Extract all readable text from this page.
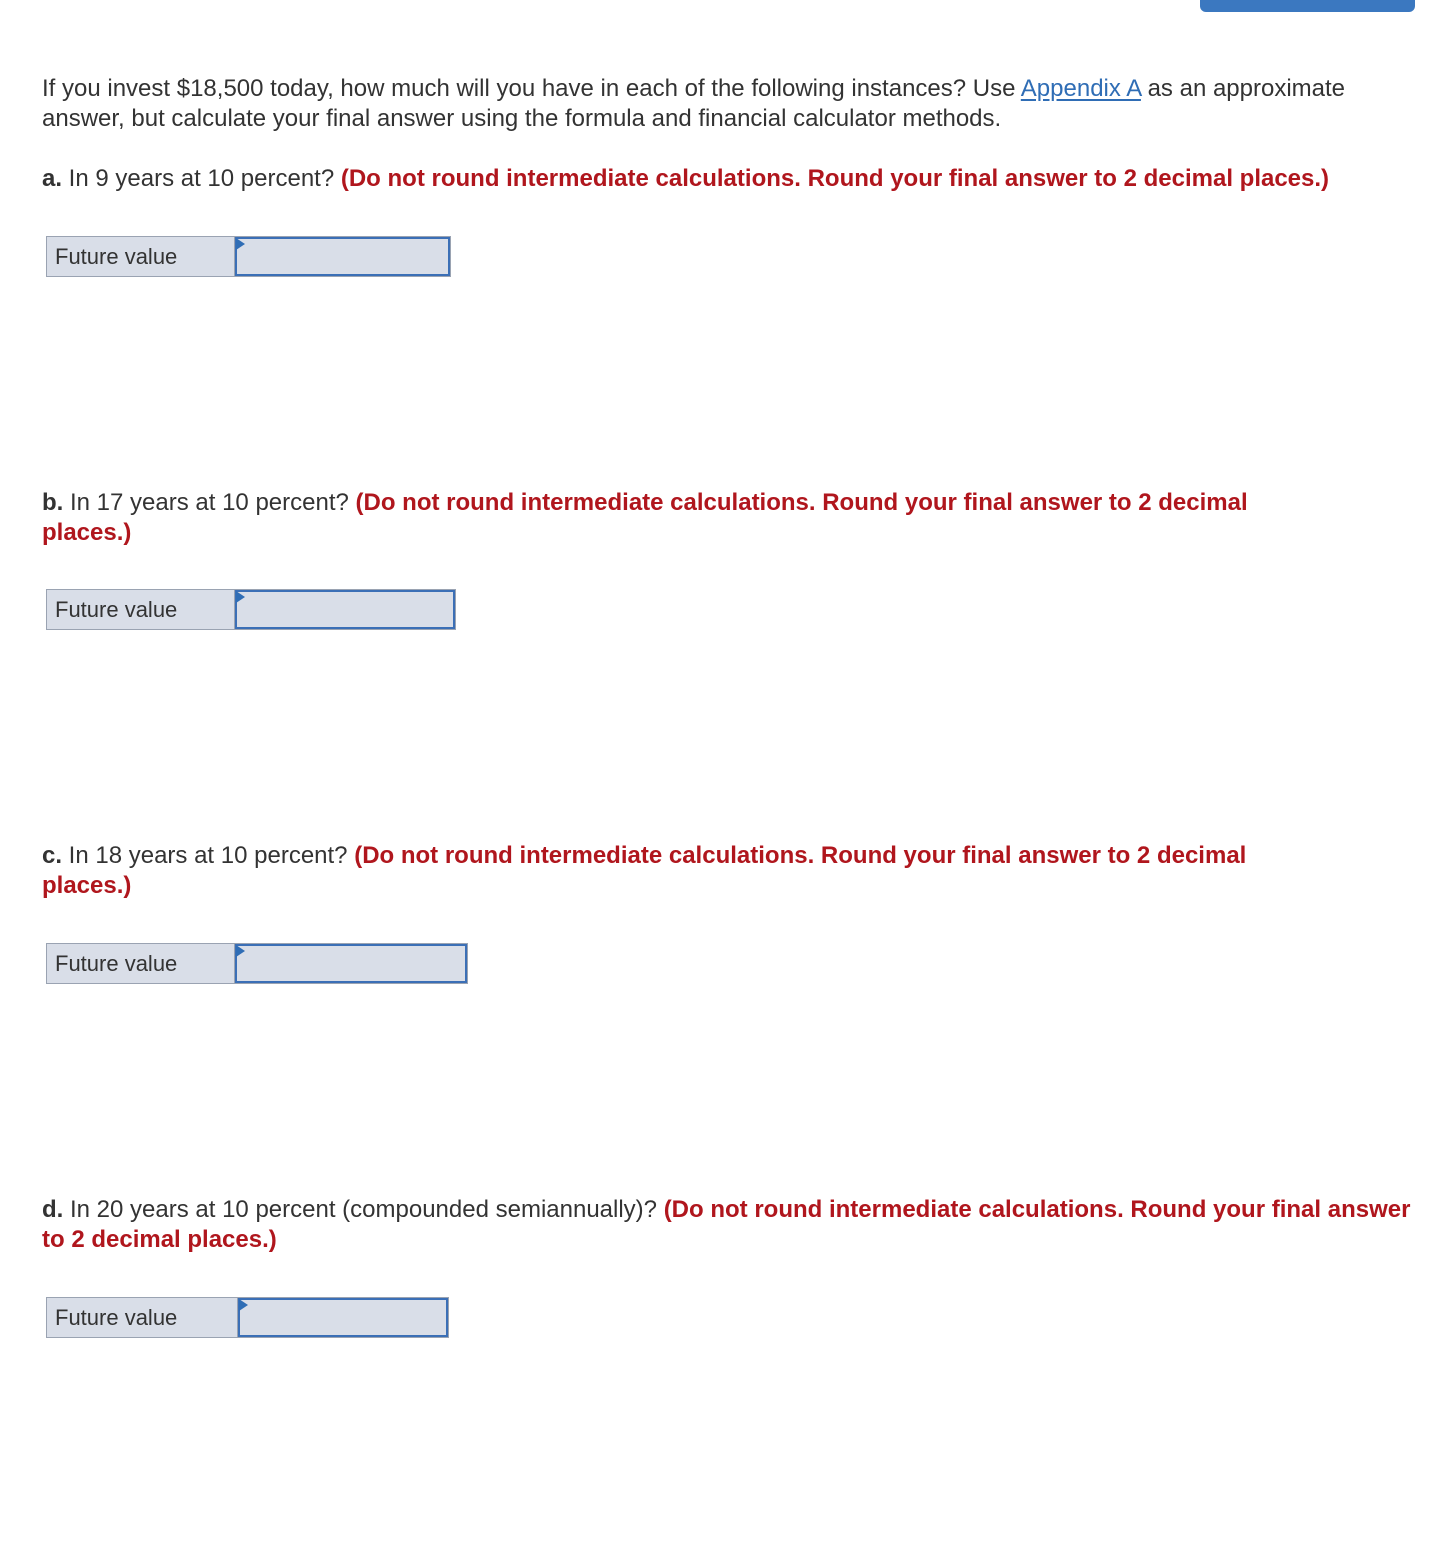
If you invest $18,500 today, how much will you have in each of the following instances? Use Appendix A as an approximate answer, but calculate your final answer using the formula and financial calculator methods.

a. In 9 years at 10 percent? (Do not round intermediate calculations. Round your final answer to 2 decimal places.)

Future value

b. In 17 years at 10 percent? (Do not round intermediate calculations. Round your final answer to 2 decimal places.)

Future value

c. In 18 years at 10 percent? (Do not round intermediate calculations. Round your final answer to 2 decimal places.)

Future value

d. In 20 years at 10 percent (compounded semiannually)? (Do not round intermediate calculations. Round your final answer to 2 decimal places.)

Future value
